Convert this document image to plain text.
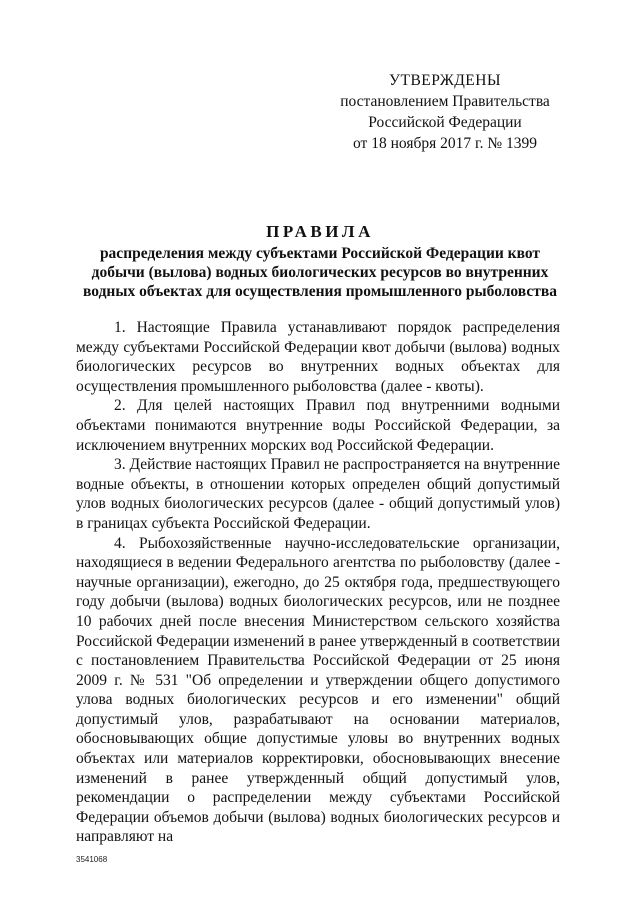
УТВЕРЖДЕНЫ
постановлением Правительства
Российской Федерации
от 18 ноября 2017 г. № 1399
ПРАВИЛА
распределения между субъектами Российской Федерации квот добычи (вылова) водных биологических ресурсов во внутренних водных объектах для осуществления промышленного рыболовства

1. Настоящие Правила устанавливают порядок распределения между субъектами Российской Федерации квот добычи (вылова) водных биологических ресурсов во внутренних водных объектах для осуществления промышленного рыболовства (далее - квоты).

2. Для целей настоящих Правил под внутренними водными объектами понимаются внутренние воды Российской Федерации, за исключением внутренних морских вод Российской Федерации.

3. Действие настоящих Правил не распространяется на внутренние водные объекты, в отношении которых определен общий допустимый улов водных биологических ресурсов (далее - общий допустимый улов) в границах субъекта Российской Федерации.

4. Рыбохозяйственные научно-исследовательские организации, находящиеся в ведении Федерального агентства по рыболовству (далее - научные организации), ежегодно, до 25 октября года, предшествующего году добычи (вылова) водных биологических ресурсов, или не позднее 10 рабочих дней после внесения Министерством сельского хозяйства Российской Федерации изменений в ранее утвержденный в соответствии с постановлением Правительства Российской Федерации от 25 июня 2009 г. № 531 "Об определении и утверждении общего допустимого улова водных биологических ресурсов и его изменении" общий допустимый улов, разрабатывают на основании материалов, обосновывающих общие допустимые уловы во внутренних водных объектах или материалов корректировки, обосновывающих внесение изменений в ранее утвержденный общий допустимый улов, рекомендации о распределении между субъектами Российской Федерации объемов добычи (вылова) водных биологических ресурсов и направляют на

3541068
